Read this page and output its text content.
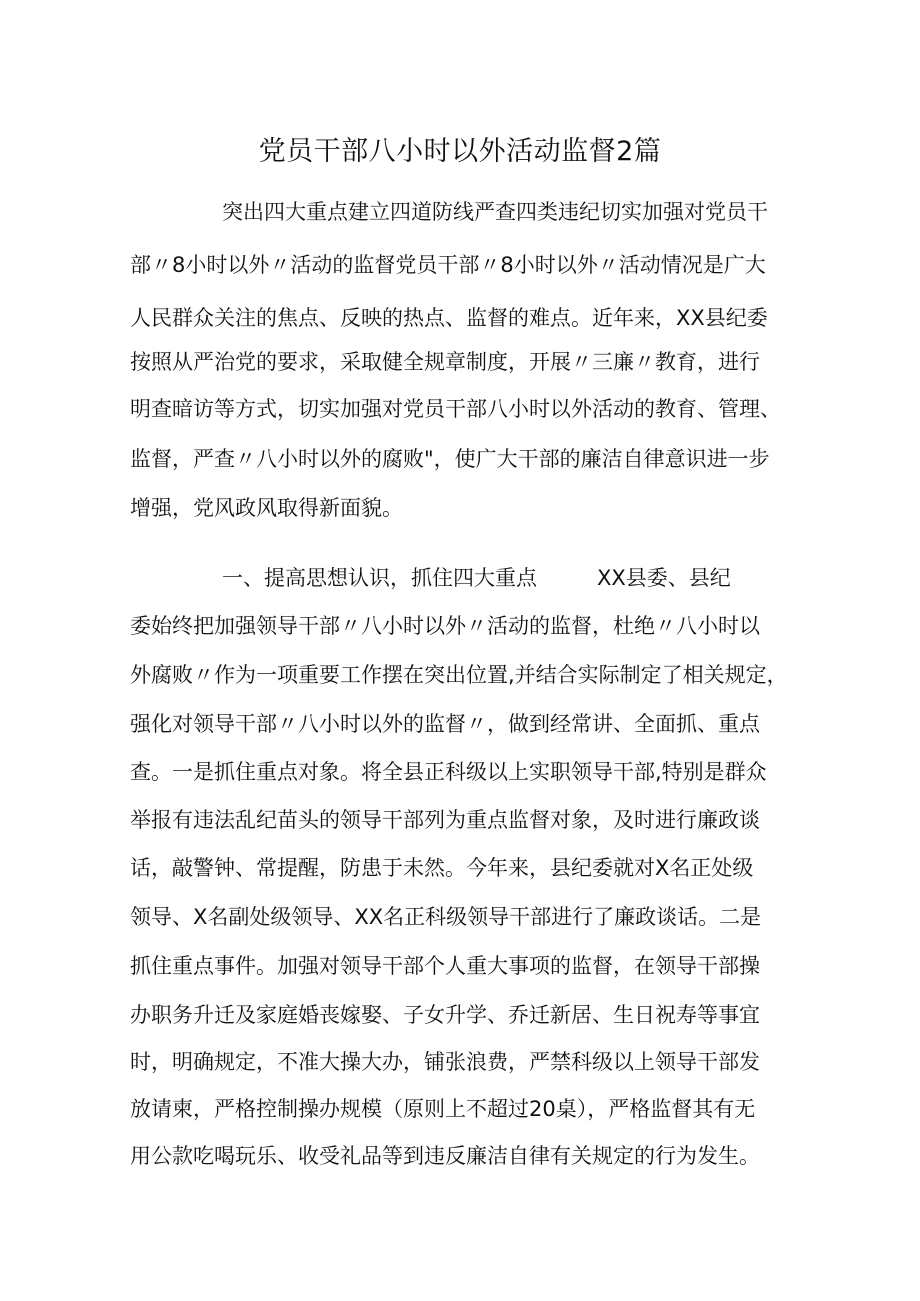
党员干部八小时以外活动监督2篇
突出四大重点建立四道防线严查四类违纪切实加强对党员干
部〃8小时以外〃活动的监督党员干部〃8小时以外〃活动情况是广大
人民群众关注的焦点、反映的热点、监督的难点。近年来，XX县纪委
按照从严治党的要求，采取健全规章制度，开展〃三廉〃教育，进行
明查暗访等方式，切实加强对党员干部八小时以外活动的教育、管理、
监督，严查〃八小时以外的腐败"，使广大干部的廉洁自律意识进一步
增强，党风政风取得新面貌。
一、提高思想认识，抓住四大重点	XX县委、县纪
委始终把加强领导干部〃八小时以外〃活动的监督，杜绝〃八小时以
外腐败〃作为一项重要工作摆在突出位置,并结合实际制定了相关规定，
强化对领导干部〃八小时以外的监督〃，做到经常讲、全面抓、重点
查。一是抓住重点对象。将全县正科级以上实职领导干部,特别是群众
举报有违法乱纪苗头的领导干部列为重点监督对象，及时进行廉政谈
话，敲警钟、常提醒，防患于未然。今年来，县纪委就对X名正处级
领导、X名副处级领导、XX名正科级领导干部进行了廉政谈话。二是
抓住重点事件。加强对领导干部个人重大事项的监督，在领导干部操
办职务升迁及家庭婚丧嫁娶、子女升学、乔迁新居、生日祝寿等事宜
时，明确规定，不准大操大办，铺张浪费，严禁科级以上领导干部发
放请柬，严格控制操办规模（原则上不超过20桌），严格监督其有无
用公款吃喝玩乐、收受礼品等到违反廉洁自律有关规定的行为发生。
